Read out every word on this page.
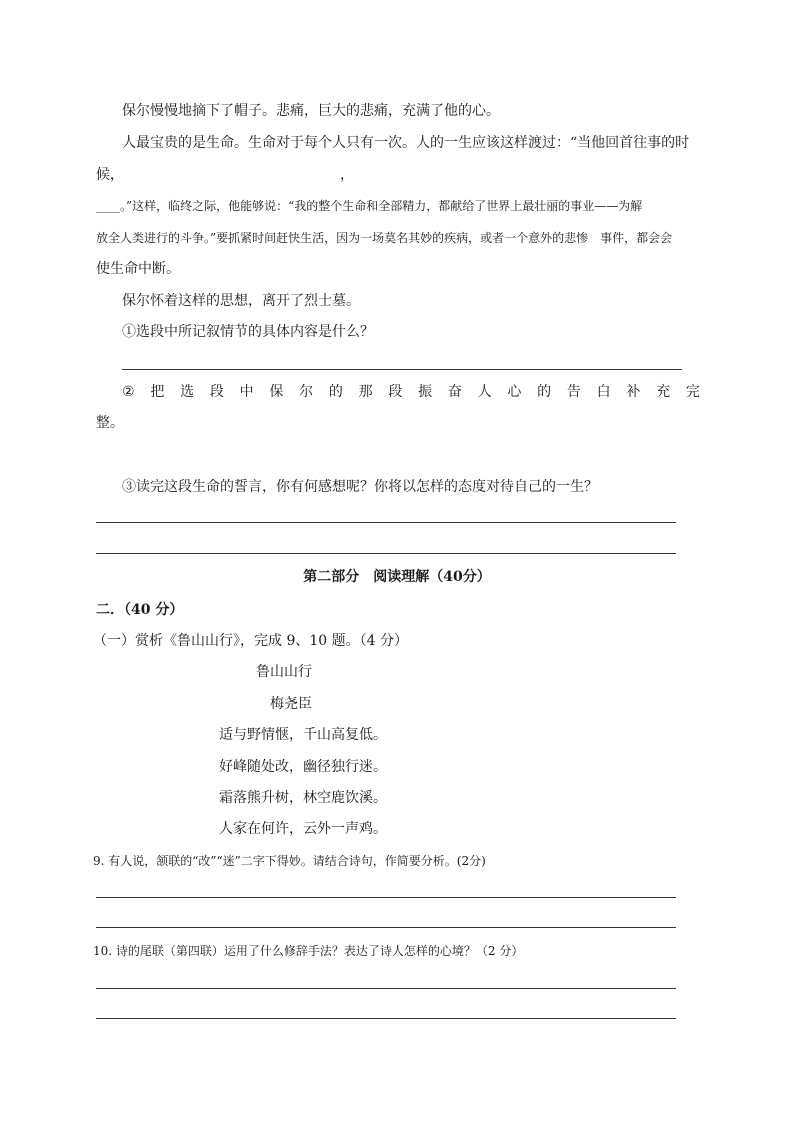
保尔慢慢地摘下了帽子。悲痛，巨大的悲痛，充满了他的心。
人最宝贵的是生命。生命对于每个人只有一次。人的一生应该这样渡过：“当他回首往事的时
候，	，
____。”这样，临终之际，他能够说：“我的整个生命和全部精力，都献给了世界上最壮丽的事业——为解
放全人类进行的斗争。”要抓紧时间赶快生活，因为一场莫名其妙的疾病，或者一个意外的悲惨　事件，都会会
使生命中断。
保尔怀着这样的思想，离开了烈士墓。
①选段中所记叙情节的具体内容是什么？
② 把 选 段 中 保 尔 的 那 段 振 奋 人 心 的 告 白 补 充 完
整。
③读完这段生命的誓言，你有何感想呢？你将以怎样的态度对待自己的一生？
第二部分　阅读理解（40分）
二．（40 分）
（一）赏析《鲁山山行》，完成 9、10 题。（4 分）
鲁山山行
梅尧臣
适与野情惬，千山高复低。
好峰随处改，幽径独行迷。
霜落熊升树，林空鹿饮溪。
人家在何许，云外一声鸡。
9. 有人说，颔联的“改”“迷”二字下得妙。请结合诗句，作简要分析。(2分)
10. 诗的尾联（第四联）运用了什么修辞手法？表达了诗人怎样的心境？（2 分）
